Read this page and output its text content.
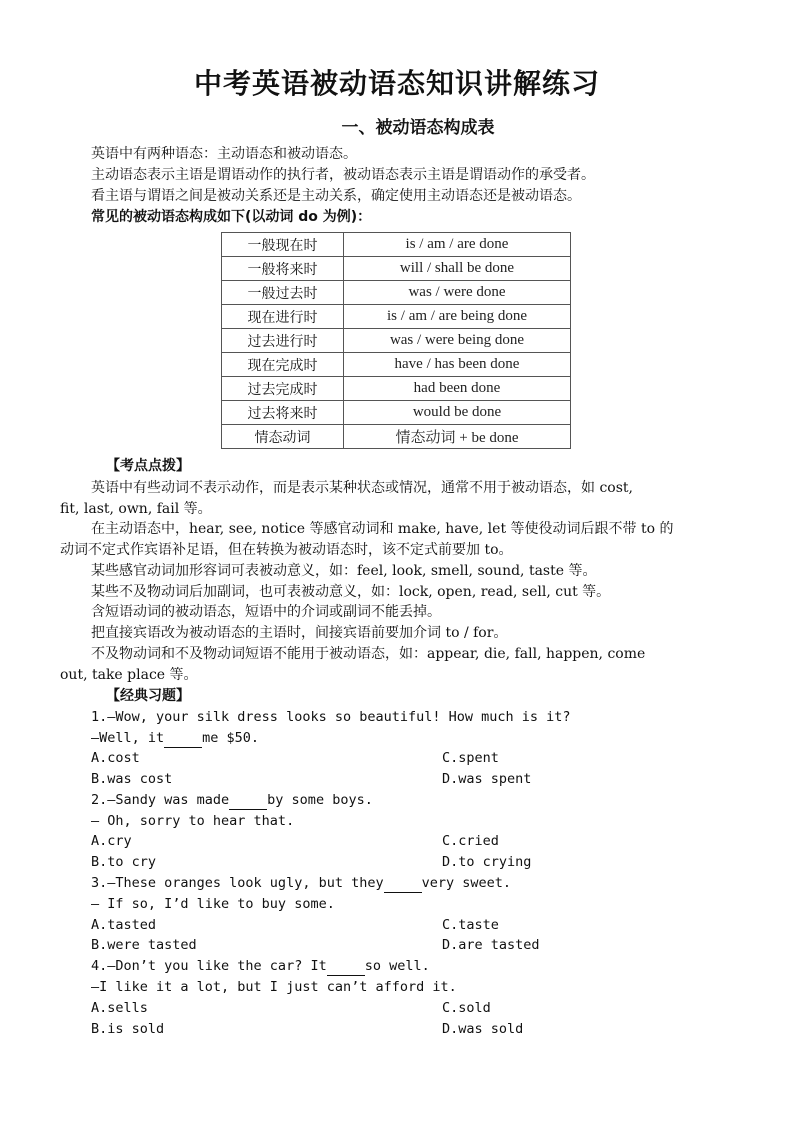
中考英语被动语态知识讲解练习
一、被动语态构成表
英语中有两种语态：主动语态和被动语态。
主动语态表示主语是谓语动作的执行者，被动语态表示主语是谓语动作的承受者。
看主语与谓语之间是被动关系还是主动关系，确定使用主动语态还是被动语态。
常见的被动语态构成如下(以动词 do 为例)：
一般现在时	is / am / are done
一般将来时	will / shall be done
一般过去时	was / were done
现在进行时	is / am / are being done
过去进行时	was / were being done
现在完成时	have / has been done
过去完成时	had been done
过去将来时	would be done
情态动词	情态动词 + be done
【考点点拨】
英语中有些动词不表示动作，而是表示某种状态或情况，通常不用于被动语态，如 cost,
fit, last, own, fail 等。
在主动语态中，hear, see, notice 等感官动词和 make, have, let 等使役动词后跟不带 to 的
动词不定式作宾语补足语，但在转换为被动语态时，该不定式前要加 to。
某些感官动词加形容词可表被动意义，如：feel, look, smell, sound, taste 等。
某些不及物动词后加副词，也可表被动意义，如：lock, open, read, sell, cut 等。
含短语动词的被动语态，短语中的介词或副词不能丢掉。
把直接宾语改为被动语态的主语时，间接宾语前要加介词 to / for。
不及物动词和不及物动词短语不能用于被动语态，如：appear, die, fall, happen, come
out, take place 等。
【经典习题】
1.—Wow, your silk dress looks so beautiful! How much is it?
—Well, it	me $50.
A.cost	C.spent
B.was cost	D.was spent
2.—Sandy was made	by some boys.
— Oh, sorry to hear that.
A.cry	C.cried
B.to cry	D.to crying
3.—These oranges look ugly, but they	very sweet.
— If so, I’d like to buy some.
A.tasted	C.taste
B.were tasted	D.are tasted
4.—Don’t you like the car? It	so well.
—I like it a lot, but I just can’t afford it.
A.sells	C.sold
B.is sold	D.was sold
